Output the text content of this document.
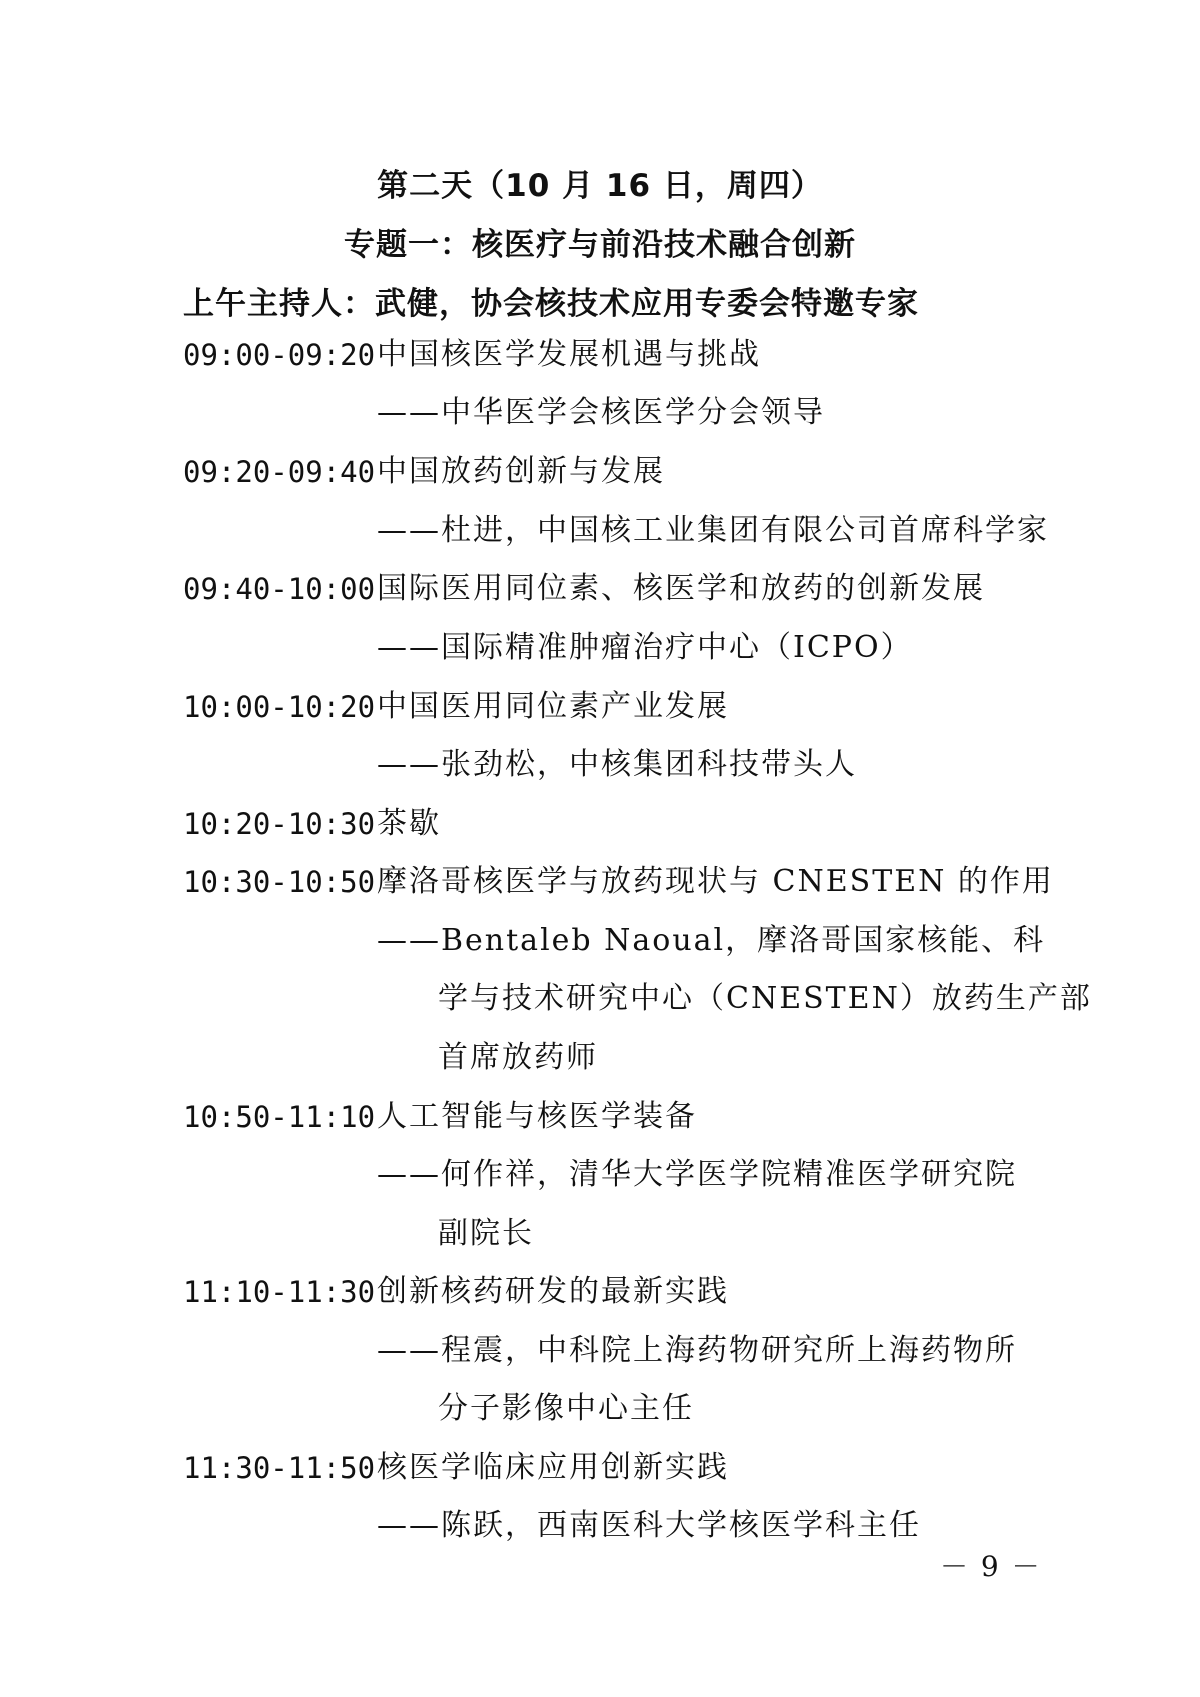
第二天（10 月 16 日，周四）
专题一：核医疗与前沿技术融合创新
上午主持人：武健，协会核技术应用专委会特邀专家
09:00-09:20 中国核医学发展机遇与挑战
——中华医学会核医学分会领导
09:20-09:40 中国放药创新与发展
——杜进，中国核工业集团有限公司首席科学家
09:40-10:00 国际医用同位素、核医学和放药的创新发展
——国际精准肿瘤治疗中心（ICPO）
10:00-10:20 中国医用同位素产业发展
——张劲松，中核集团科技带头人
10:20-10:30 茶歇
10:30-10:50 摩洛哥核医学与放药现状与 CNESTEN 的作用
——Bentaleb Naoual，摩洛哥国家核能、科
学与技术研究中心（CNESTEN）放药生产部
首席放药师
10:50-11:10 人工智能与核医学装备
——何作祥，清华大学医学院精准医学研究院
副院长
11:10-11:30 创新核药研发的最新实践
——程震，中科院上海药物研究所上海药物所
分子影像中心主任
11:30-11:50 核医学临床应用创新实践
——陈跃，西南医科大学核医学科主任
－ 9 －
